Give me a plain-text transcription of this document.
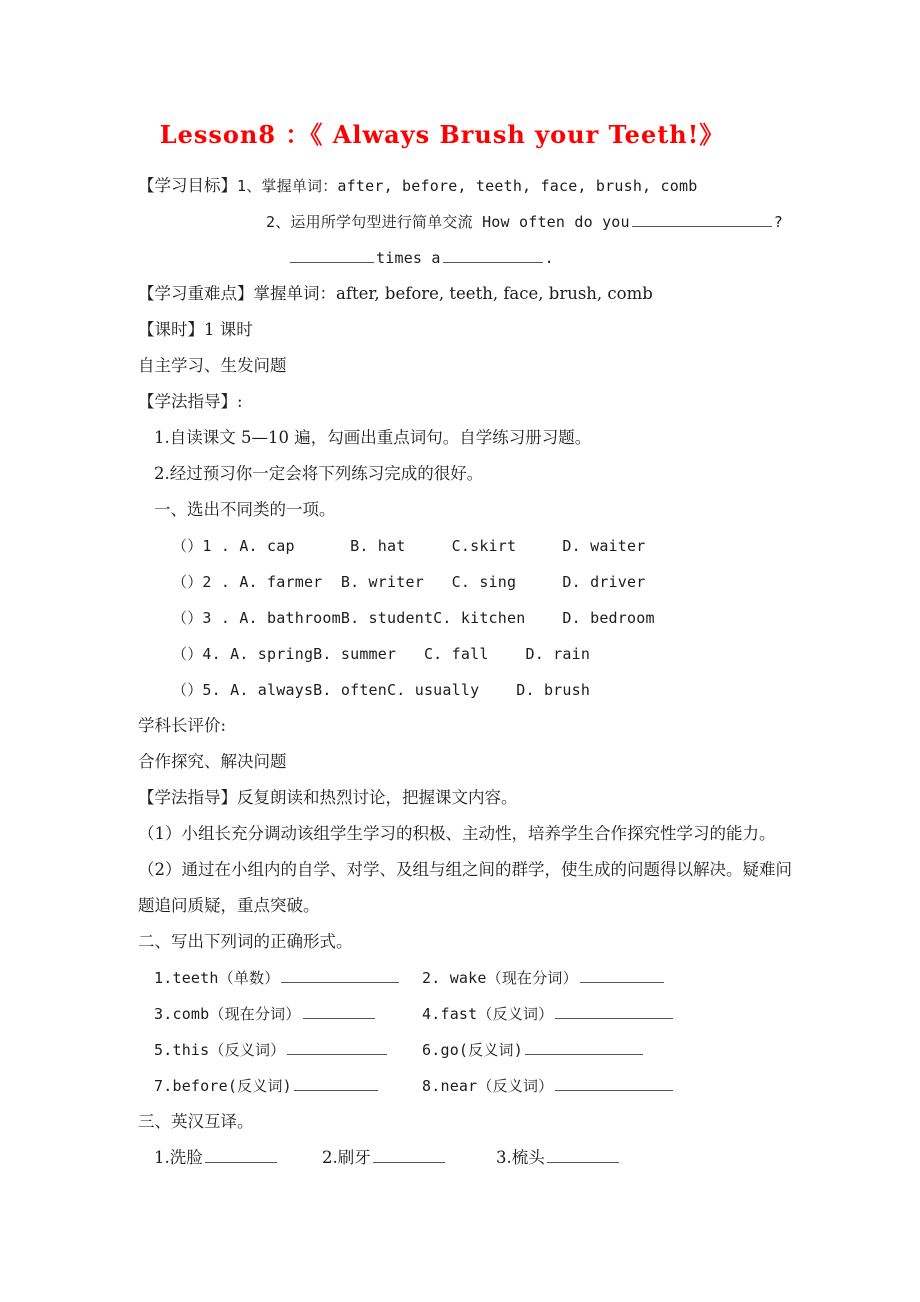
Lesson8 ：《 Always Brush your Teeth!》
【学习目标】1、掌握单词：after, before, teeth, face, brush, comb
2、运用所学句型进行简单交流 How often do you	?
times a	.
【学习重难点】掌握单词：after, before, teeth, face, brush, comb
【课时】1 课时
自主学习、生发问题
【学法指导】:
1.自读课文 5—10 遍，勾画出重点词句。自学练习册习题。
2.经过预习你一定会将下列练习完成的很好。
一、选出不同类的一项。
（）1 . A. cap      B. hat     C.skirt     D. waiter
（）2 . A. farmer  B. writer   C. sing     D. driver
（）3 . A. bathroomB. studentC. kitchen    D. bedroom
（）4. A. springB. summer   C. fall    D. rain
（）5. A. alwaysB. oftenC. usually    D. brush
学科长评价:
合作探究、解决问题
【学法指导】反复朗读和热烈讨论，把握课文内容。
（1）小组长充分调动该组学生学习的积极、主动性，培养学生合作探究性学习的能力。
（2）通过在小组内的自学、对学、及组与组之间的群学，使生成的问题得以解决。疑难问
题追问质疑，重点突破。
二、写出下列词的正确形式。
1.teeth（单数）	2. wake（现在分词）
3.comb（现在分词）	4.fast（反义词）
5.this（反义词）	6.go(反义词)
7.before(反义词)	8.near（反义词）
三、英汉互译。
1.洗脸	2.刷牙	3.梳头
